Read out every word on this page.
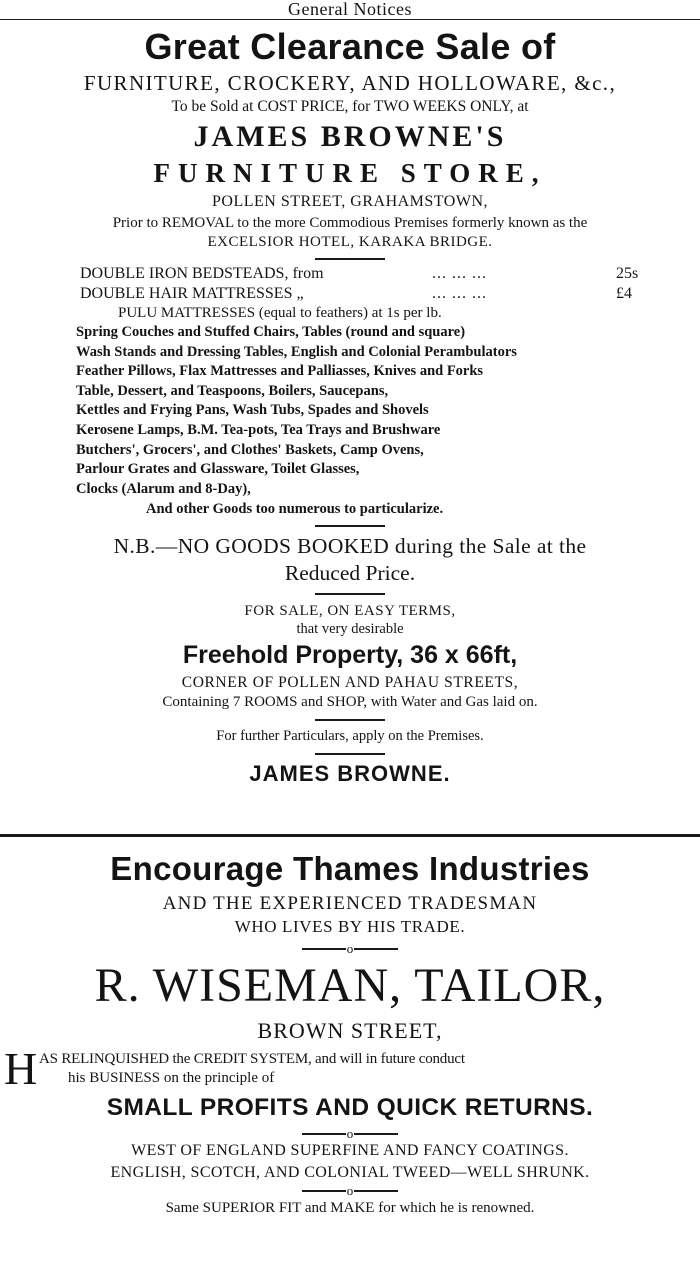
General Notices
Great Clearance Sale of
FURNITURE, CROCKERY, AND HOLLOWARE, &c.,
To be Sold at COST PRICE, for TWO WEEKS ONLY, at
JAMES BROWNE'S
FURNITURE STORE,
POLLEN STREET, GRAHAMSTOWN,
Prior to REMOVAL to the more Commodious Premises formerly known as the
EXCELSIOR HOTEL, KARAKA BRIDGE.
DOUBLE IRON BEDSTEADS, from	... ... ...	25s
DOUBLE HAIR MATTRESSES „	... ... ...	£4
PULU MATTRESSES (equal to feathers) at 1s per lb.
Spring Couches and Stuffed Chairs, Tables (round and square)
Wash Stands and Dressing Tables, English and Colonial Perambulators
Feather Pillows, Flax Mattresses and Palliasses, Knives and Forks
Table, Dessert, and Teaspoons, Boilers, Saucepans,
Kettles and Frying Pans, Wash Tubs, Spades and Shovels
Kerosene Lamps, B.M. Tea-pots, Tea Trays and Brushware
Butchers', Grocers', and Clothes' Baskets, Camp Ovens,
Parlour Grates and Glassware, Toilet Glasses,
Clocks (Alarum and 8-Day),
And other Goods too numerous to particularize.
N.B.—NO GOODS BOOKED during the Sale at the
Reduced Price.
FOR SALE, ON EASY TERMS,
that very desirable
Freehold Property, 36 x 66ft,
CORNER OF POLLEN AND PAHAU STREETS,
Containing 7 ROOMS and SHOP, with Water and Gas laid on.
For further Particulars, apply on the Premises.
JAMES BROWNE.
Encourage Thames Industries
AND THE EXPERIENCED TRADESMAN
WHO LIVES BY HIS TRADE.
o
R. WISEMAN, TAILOR,
BROWN STREET,
H AS RELINQUISHED the CREDIT SYSTEM, and will in future conduct
his BUSINESS on the principle of
SMALL PROFITS AND QUICK RETURNS.
o
WEST OF ENGLAND SUPERFINE AND FANCY COATINGS.
ENGLISH, SCOTCH, AND COLONIAL TWEED—WELL SHRUNK.
o
Same SUPERIOR FIT and MAKE for which he is renowned.
